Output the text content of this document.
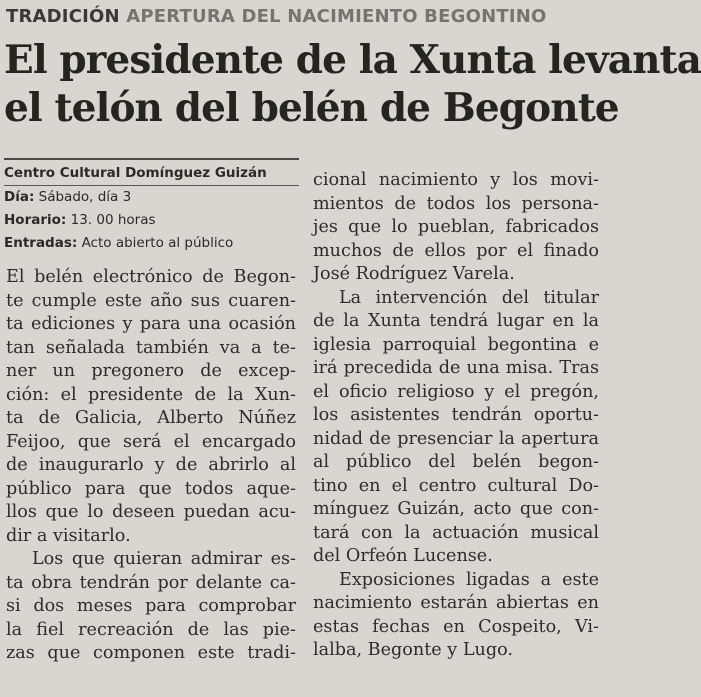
TRADICIÓN APERTURA DEL NACIMIENTO BEGONTINO
El presidente de la Xunta levanta
el telón del belén de Begonte
Centro Cultural Domínguez Guizán
Día: Sábado, día 3
Horario: 13. 00 horas
Entradas: Acto abierto al público
El belén electrónico de Begon-
te cumple este año sus cuaren-
ta ediciones y para una ocasión
tan señalada también va a te-
ner un pregonero de excep-
ción: el presidente de la Xun-
ta de Galicia, Alberto Núñez
Feijoo, que será el encargado
de inaugurarlo y de abrirlo al
público para que todos aque-
llos que lo deseen puedan acu-
dir a visitarlo.
Los que quieran admirar es-
ta obra tendrán por delante ca-
si dos meses para comprobar
la fiel recreación de las pie-
zas que componen este tradi-
cional nacimiento y los movi-
mientos de todos los persona-
jes que lo pueblan, fabricados
muchos de ellos por el finado
José Rodríguez Varela.
La intervención del titular
de la Xunta tendrá lugar en la
iglesia parroquial begontina e
irá precedida de una misa. Tras
el oficio religioso y el pregón,
los asistentes tendrán oportu-
nidad de presenciar la apertura
al público del belén begon-
tino en el centro cultural Do-
mínguez Guizán, acto que con-
tará con la actuación musical
del Orfeón Lucense.
Exposiciones ligadas a este
nacimiento estarán abiertas en
estas fechas en Cospeito, Vi-
lalba, Begonte y Lugo.
